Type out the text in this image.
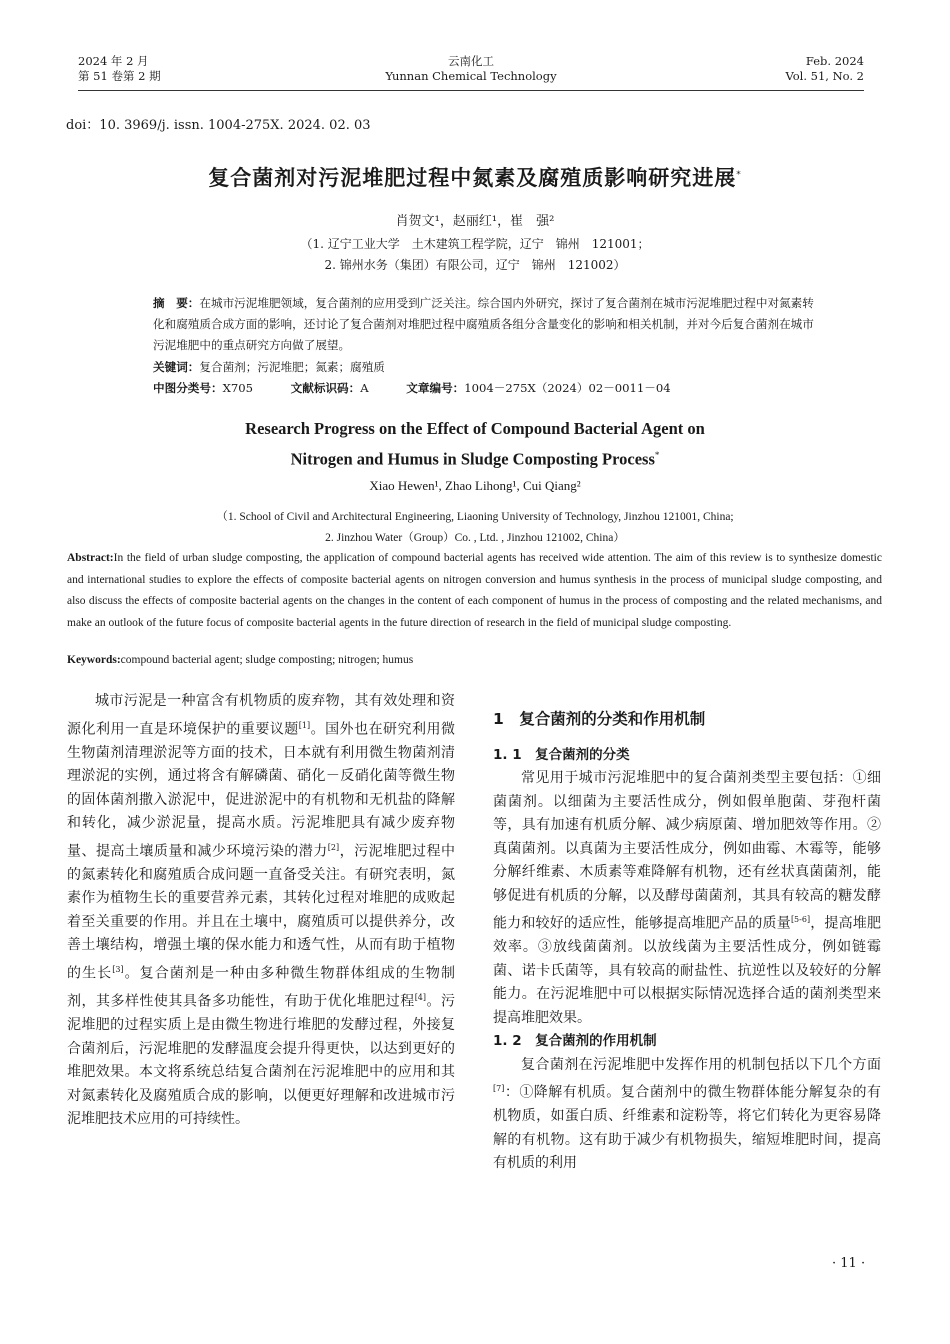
2024 年 2 月
第 51 卷第 2 期
云南化工
Yunnan Chemical Technology
Feb. 2024
Vol. 51, No. 2
doi：10. 3969/j. issn. 1004-275X. 2024. 02. 03
复合菌剂对污泥堆肥过程中氮素及腐殖质影响研究进展*
肖贺文¹，赵丽红¹，崔　强²
（1. 辽宁工业大学　土木建筑工程学院，辽宁　锦州　121001；
2. 锦州水务（集团）有限公司，辽宁　锦州　121002）
摘　要：在城市污泥堆肥领域，复合菌剂的应用受到广泛关注。综合国内外研究，探讨了复合菌剂在城市污泥堆肥过程中对氮素转化和腐殖质合成方面的影响，还讨论了复合菌剂对堆肥过程中腐殖质各组分含量变化的影响和相关机制，并对今后复合菌剂在城市污泥堆肥中的重点研究方向做了展望。
关键词：复合菌剂；污泥堆肥；氮素；腐殖质
中图分类号：X705	文献标识码：A	文章编号：1004－275X（2024）02－0011－04
Research Progress on the Effect of Compound Bacterial Agent on
Nitrogen and Humus in Sludge Composting Process*
Xiao Hewen¹, Zhao Lihong¹, Cui Qiang²
（1. School of Civil and Architectural Engineering, Liaoning University of Technology, Jinzhou 121001, China;
2. Jinzhou Water（Group）Co. , Ltd. , Jinzhou 121002, China）
Abstract:In the field of urban sludge composting, the application of compound bacterial agents has received wide attention. The aim of this review is to synthesize domestic and international studies to explore the effects of composite bacterial agents on nitrogen conversion and humus synthesis in the process of municipal sludge composting, and also discuss the effects of composite bacterial agents on the changes in the content of each component of humus in the process of composting and the related mechanisms, and make an outlook of the future focus of composite bacterial agents in the future direction of research in the field of municipal sludge composting.
Keywords:compound bacterial agent; sludge composting; nitrogen; humus

城市污泥是一种富含有机物质的废弃物，其有效处理和资源化利用一直是环境保护的重要议题[1]。国外也在研究利用微生物菌剂清理淤泥等方面的技术，日本就有利用微生物菌剂清理淤泥的实例，通过将含有解磷菌、硝化－反硝化菌等微生物的固体菌剂撒入淤泥中，促进淤泥中的有机物和无机盐的降解和转化，减少淤泥量，提高水质。污泥堆肥具有减少废弃物量、提高土壤质量和减少环境污染的潜力[2]，污泥堆肥过程中的氮素转化和腐殖质合成问题一直备受关注。有研究表明，氮素作为植物生长的重要营养元素，其转化过程对堆肥的成败起着至关重要的作用。并且在土壤中，腐殖质可以提供养分，改善土壤结构，增强土壤的保水能力和透气性，从而有助于植物的生长[3]。复合菌剂是一种由多种微生物群体组成的生物制剂，其多样性使其具备多功能性，有助于优化堆肥过程[4]。污泥堆肥的过程实质上是由微生物进行堆肥的发酵过程，外接复合菌剂后，污泥堆肥的发酵温度会提升得更快，以达到更好的堆肥效果。本文将系统总结复合菌剂在污泥堆肥中的应用和其对氮素转化及腐殖质合成的影响，以便更好理解和改进城市污泥堆肥技术应用的可持续性。

1　复合菌剂的分类和作用机制
1. 1　复合菌剂的分类

常见用于城市污泥堆肥中的复合菌剂类型主要包括：①细菌菌剂。以细菌为主要活性成分，例如假单胞菌、芽孢杆菌等，具有加速有机质分解、减少病原菌、增加肥效等作用。②真菌菌剂。以真菌为主要活性成分，例如曲霉、木霉等，能够分解纤维素、木质素等难降解有机物，还有丝状真菌菌剂，能够促进有机质的分解，以及酵母菌菌剂，其具有较高的糖发酵能力和较好的适应性，能够提高堆肥产品的质量[5-6]，提高堆肥效率。③放线菌菌剂。以放线菌为主要活性成分，例如链霉菌、诺卡氏菌等，具有较高的耐盐性、抗逆性以及较好的分解能力。在污泥堆肥中可以根据实际情况选择合适的菌剂类型来提高堆肥效果。

1. 2　复合菌剂的作用机制

复合菌剂在污泥堆肥中发挥作用的机制包括以下几个方面[7]：①降解有机质。复合菌剂中的微生物群体能分解复杂的有机物质，如蛋白质、纤维素和淀粉等，将它们转化为更容易降解的有机物。这有助于减少有机物损失，缩短堆肥时间，提高有机质的利用

· 11 ·
